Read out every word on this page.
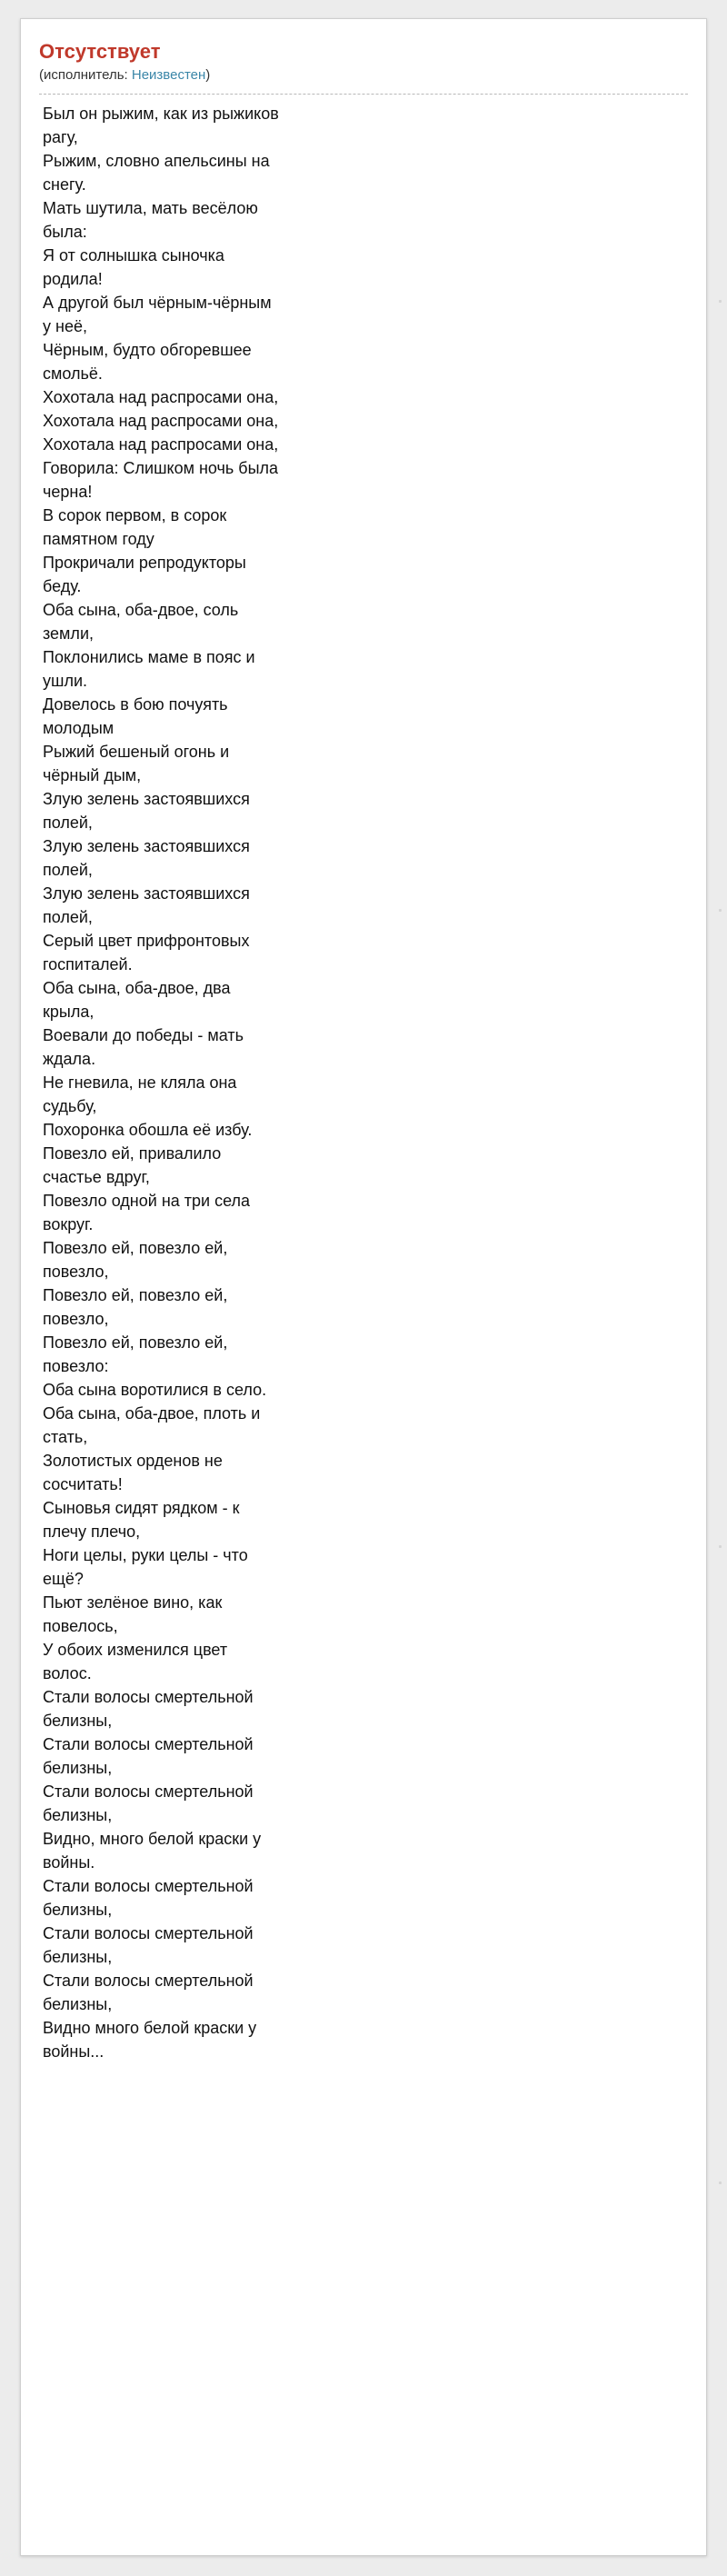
Отсутствует
(исполнитель: Неизвестен)
Был он рыжим, как из рыжиков рагу,
Рыжим, словно апельсины на снегу.
Мать шутила, мать весёлою была:
Я от солнышка сыночка родила!
А другой был чёрным-чёрным у неё,
Чёрным, будто обгоревшее смольё.
Хохотала над распросами она,
Хохотала над распросами она,
Хохотала над распросами она,
Говорила: Слишком ночь была черна!
В сорок первом, в сорок памятном году
Прокричали репродукторы беду.
Оба сына, оба-двое, соль земли,
Поклонились маме в пояс и ушли.
Довелось в бою почуять молодым
Рыжий бешеный огонь и чёрный дым,
Злую зелень застоявшихся полей,
Злую зелень застоявшихся полей,
Злую зелень застоявшихся полей,
Серый цвет прифронтовых госпиталей.
Оба сына, оба-двое, два крыла,
Воевали до победы - мать ждала.
Не гневила, не кляла она судьбу,
Похоронка обошла её избу.
Повезло ей, привалило счастье вдруг,
Повезло одной на три села вокруг.
Повезло ей, повезло ей, повезло,
Повезло ей, повезло ей, повезло,
Повезло ей, повезло ей, повезло:
Оба сына воротилися в село.
Оба сына, оба-двое, плоть и стать,
Золотистых орденов не сосчитать!
Сыновья сидят рядком - к плечу плечо,
Ноги целы, руки целы - что ещё?
Пьют зелёное вино, как повелось,
У обоих изменился цвет волос.
Стали волосы смертельной белизны,
Стали волосы смертельной белизны,
Стали волосы смертельной белизны,
Видно, много белой краски у войны.
Стали волосы смертельной белизны,
Стали волосы смертельной белизны,
Стали волосы смертельной белизны,
Видно много белой краски у войны...
